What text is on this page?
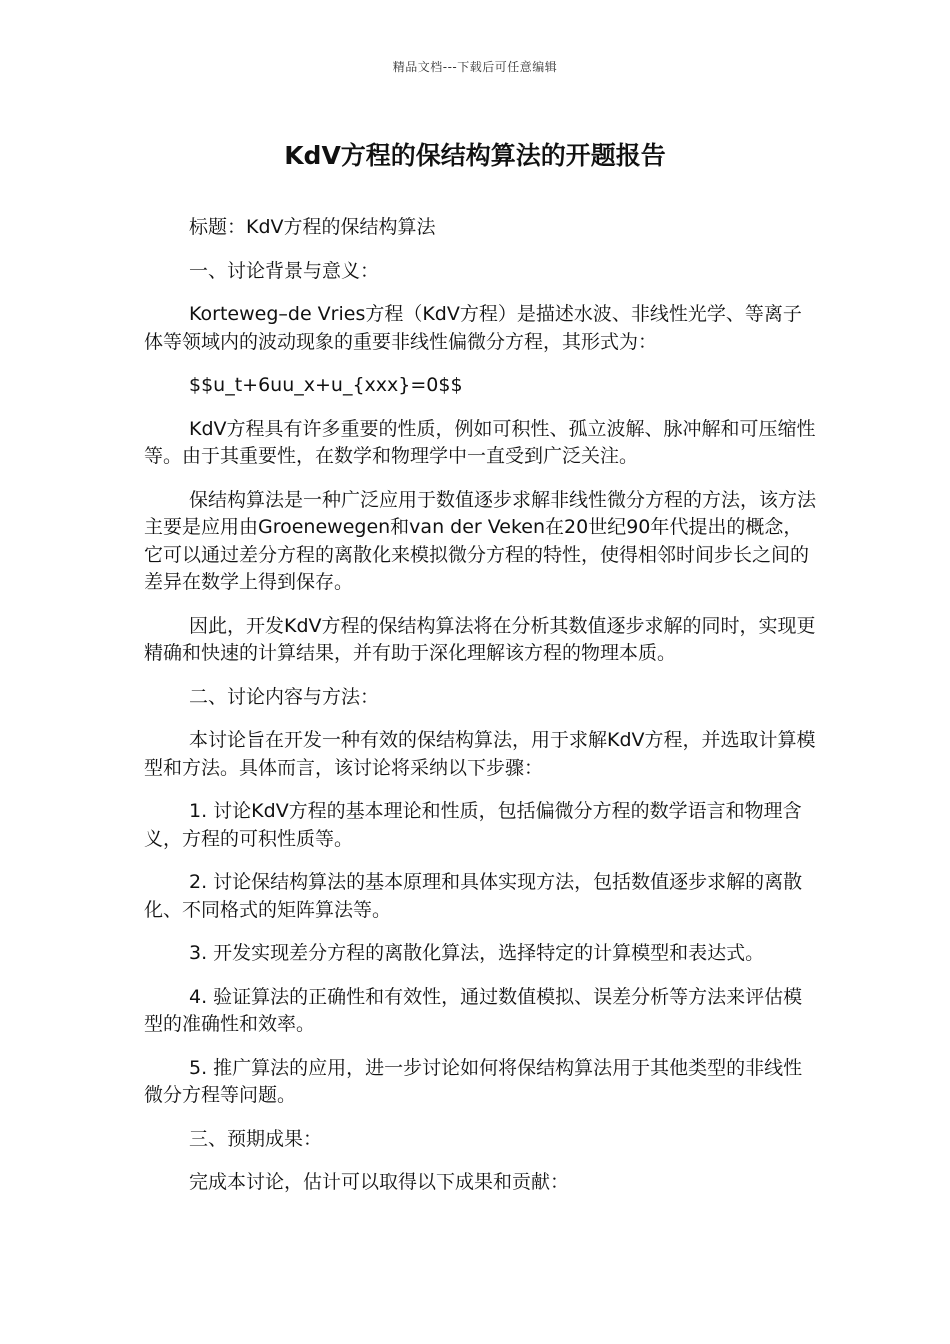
精品文档---下载后可任意编辑
KdV方程的保结构算法的开题报告

标题：KdV方程的保结构算法

一、讨论背景与意义：

Korteweg–de Vries方程（KdV方程）是描述水波、非线性光学、等离子体等领域内的波动现象的重要非线性偏微分方程，其形式为：

$$u_t+6uu_x+u_{xxx}=0$$

KdV方程具有许多重要的性质，例如可积性、孤立波解、脉冲解和可压缩性等。由于其重要性，在数学和物理学中一直受到广泛关注。

保结构算法是一种广泛应用于数值逐步求解非线性微分方程的方法，该方法主要是应用由Groenewegen和van der Veken在20世纪90年代提出的概念，它可以通过差分方程的离散化来模拟微分方程的特性，使得相邻时间步长之间的差异在数学上得到保存。

因此，开发KdV方程的保结构算法将在分析其数值逐步求解的同时，实现更精确和快速的计算结果，并有助于深化理解该方程的物理本质。

二、讨论内容与方法：

本讨论旨在开发一种有效的保结构算法，用于求解KdV方程，并选取计算模型和方法。具体而言，该讨论将采纳以下步骤：

1. 讨论KdV方程的基本理论和性质，包括偏微分方程的数学语言和物理含义，方程的可积性质等。

2. 讨论保结构算法的基本原理和具体实现方法，包括数值逐步求解的离散化、不同格式的矩阵算法等。

3. 开发实现差分方程的离散化算法，选择特定的计算模型和表达式。

4. 验证算法的正确性和有效性，通过数值模拟、误差分析等方法来评估模型的准确性和效率。

5. 推广算法的应用，进一步讨论如何将保结构算法用于其他类型的非线性微分方程等问题。

三、预期成果：

完成本讨论，估计可以取得以下成果和贡献：
